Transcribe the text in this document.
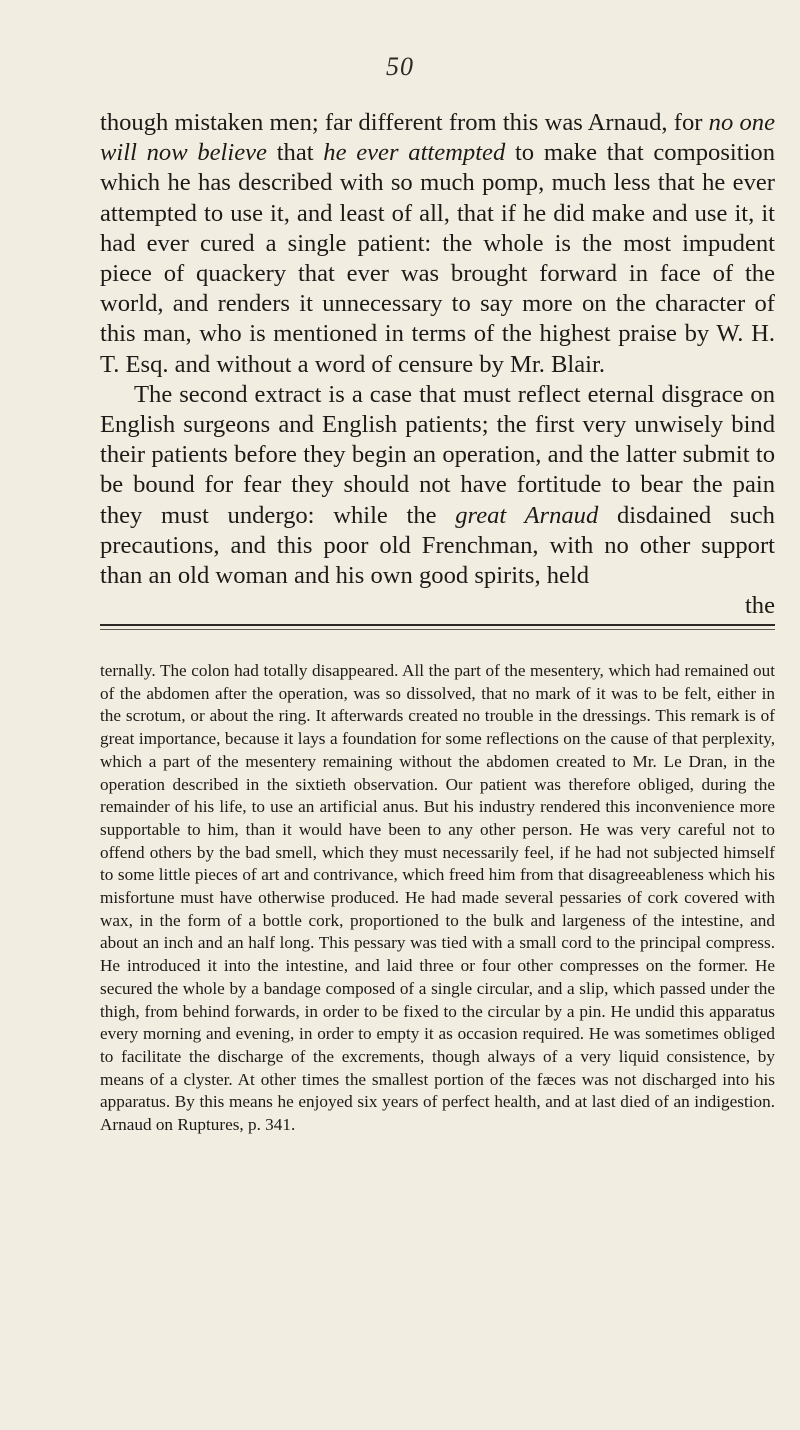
50

though mistaken men; far different from this was Arnaud, for no one will now believe that he ever attempted to make that composition which he has described with so much pomp, much less that he ever attempted to use it, and least of all, that if he did make and use it, it had ever cured a single patient: the whole is the most impudent piece of quackery that ever was brought forward in face of the world, and renders it unnecessary to say more on the character of this man, who is mentioned in terms of the highest praise by W. H. T. Esq. and without a word of censure by Mr. Blair.

The second extract is a case that must reflect eternal disgrace on English surgeons and English patients; the first very unwisely bind their patients before they begin an operation, and the latter submit to be bound for fear they should not have fortitude to bear the pain they must undergo: while the great Arnaud disdained such precautions, and this poor old Frenchman, with no other support than an old woman and his own good spirits, held

the

ternally. The colon had totally disappeared. All the part of the mesentery, which had remained out of the abdomen after the operation, was so dissolved, that no mark of it was to be felt, either in the scrotum, or about the ring. It afterwards created no trouble in the dressings. This remark is of great importance, because it lays a foundation for some reflections on the cause of that perplexity, which a part of the mesentery remaining without the abdomen created to Mr. Le Dran, in the operation described in the sixtieth observation. Our patient was therefore obliged, during the remainder of his life, to use an artificial anus. But his industry rendered this inconvenience more supportable to him, than it would have been to any other person. He was very careful not to offend others by the bad smell, which they must necessarily feel, if he had not subjected himself to some little pieces of art and contrivance, which freed him from that disagreeableness which his misfortune must have otherwise produced. He had made several pessaries of cork covered with wax, in the form of a bottle cork, proportioned to the bulk and largeness of the intestine, and about an inch and an half long. This pessary was tied with a small cord to the principal compress. He introduced it into the intestine, and laid three or four other compresses on the former. He secured the whole by a bandage composed of a single circular, and a slip, which passed under the thigh, from behind forwards, in order to be fixed to the circular by a pin. He undid this apparatus every morning and evening, in order to empty it as occasion required. He was sometimes obliged to facilitate the discharge of the excrements, though always of a very liquid consistence, by means of a clyster. At other times the smallest portion of the fæces was not discharged into his apparatus. By this means he enjoyed six years of perfect health, and at last died of an indigestion. Arnaud on Ruptures, p. 341.
